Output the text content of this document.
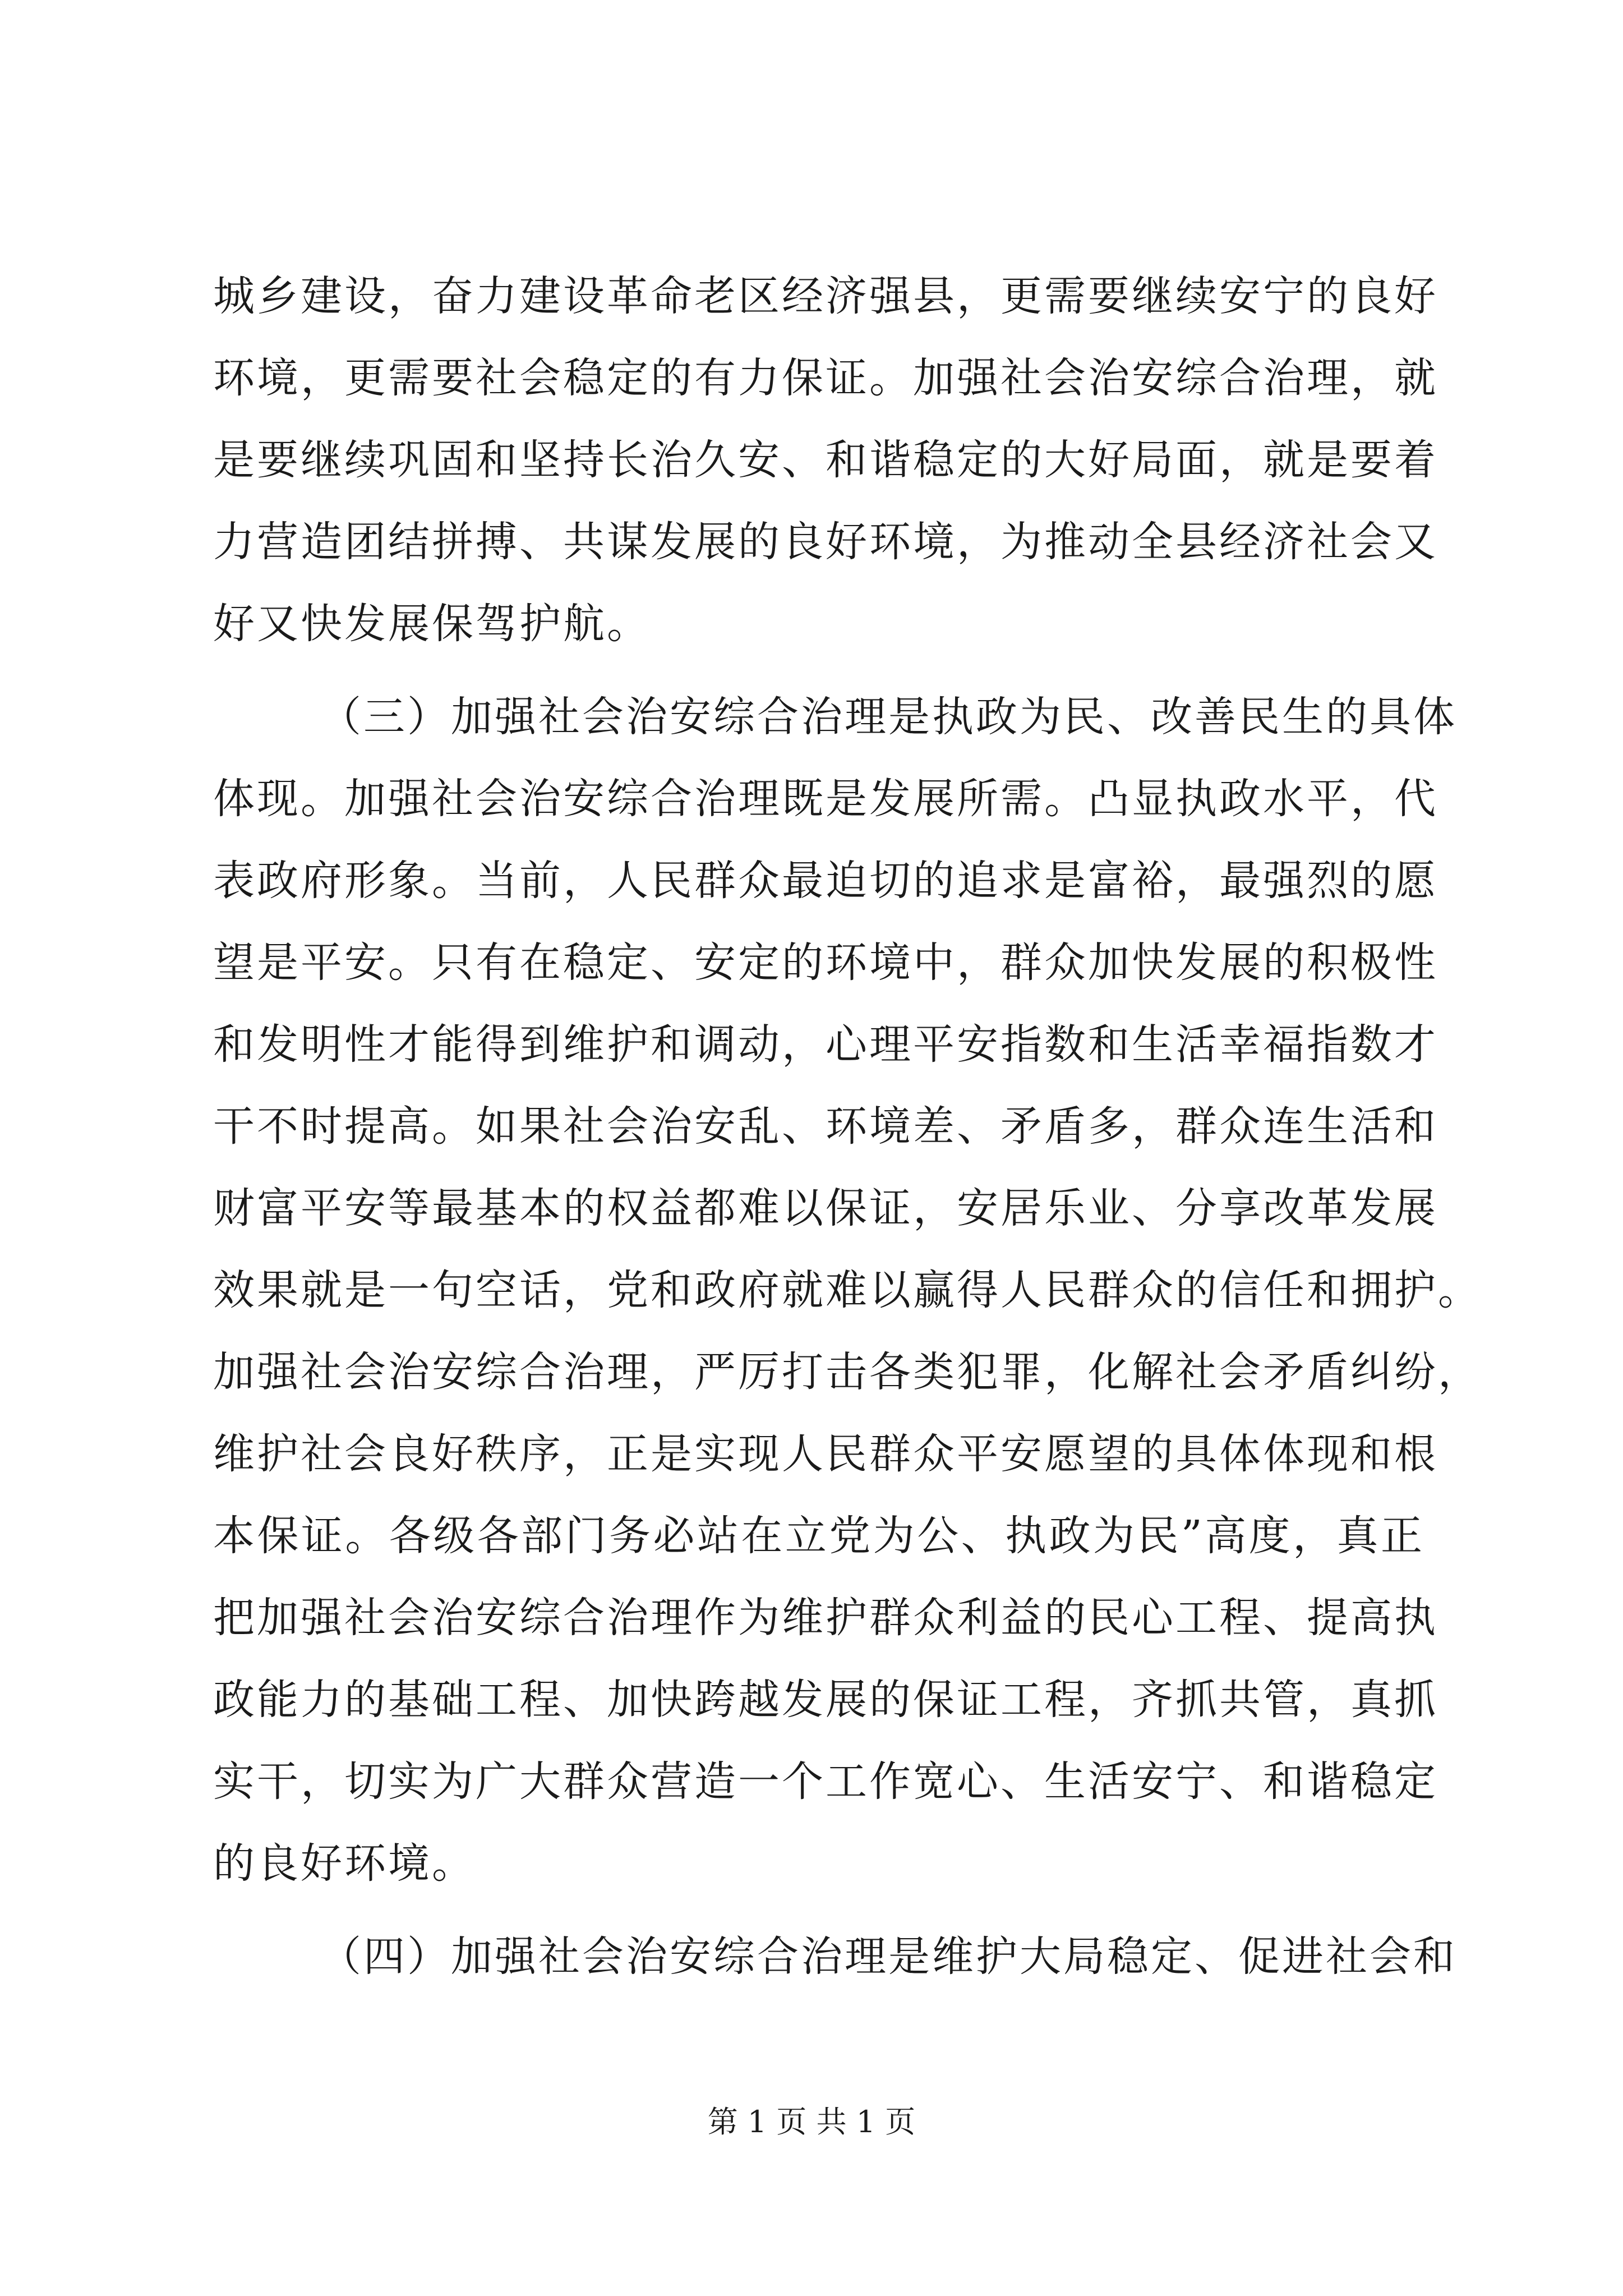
城乡建设，奋力建设革命老区经济强县，更需要继续安宁的良好
环境，更需要社会稳定的有力保证。加强社会治安综合治理，就
是要继续巩固和坚持长治久安、和谐稳定的大好局面，就是要着
力营造团结拼搏、共谋发展的良好环境，为推动全县经济社会又
好又快发展保驾护航。
（三）加强社会治安综合治理是执政为民、改善民生的具体
体现。加强社会治安综合治理既是发展所需。凸显执政水平，代
表政府形象。当前，人民群众最迫切的追求是富裕，最强烈的愿
望是平安。只有在稳定、安定的环境中，群众加快发展的积极性
和发明性才能得到维护和调动，心理平安指数和生活幸福指数才
干不时提高。如果社会治安乱、环境差、矛盾多，群众连生活和
财富平安等最基本的权益都难以保证，安居乐业、分享改革发展
效果就是一句空话，党和政府就难以赢得人民群众的信任和拥护。
加强社会治安综合治理，严厉打击各类犯罪，化解社会矛盾纠纷，
维护社会良好秩序，正是实现人民群众平安愿望的具体体现和根
本保证。各级各部门务必站在立党为公、执政为民”高度，真正
把加强社会治安综合治理作为维护群众利益的民心工程、提高执
政能力的基础工程、加快跨越发展的保证工程，齐抓共管，真抓
实干，切实为广大群众营造一个工作宽心、生活安宁、和谐稳定
的良好环境。
（四）加强社会治安综合治理是维护大局稳定、促进社会和
第 1 页 共 1 页
